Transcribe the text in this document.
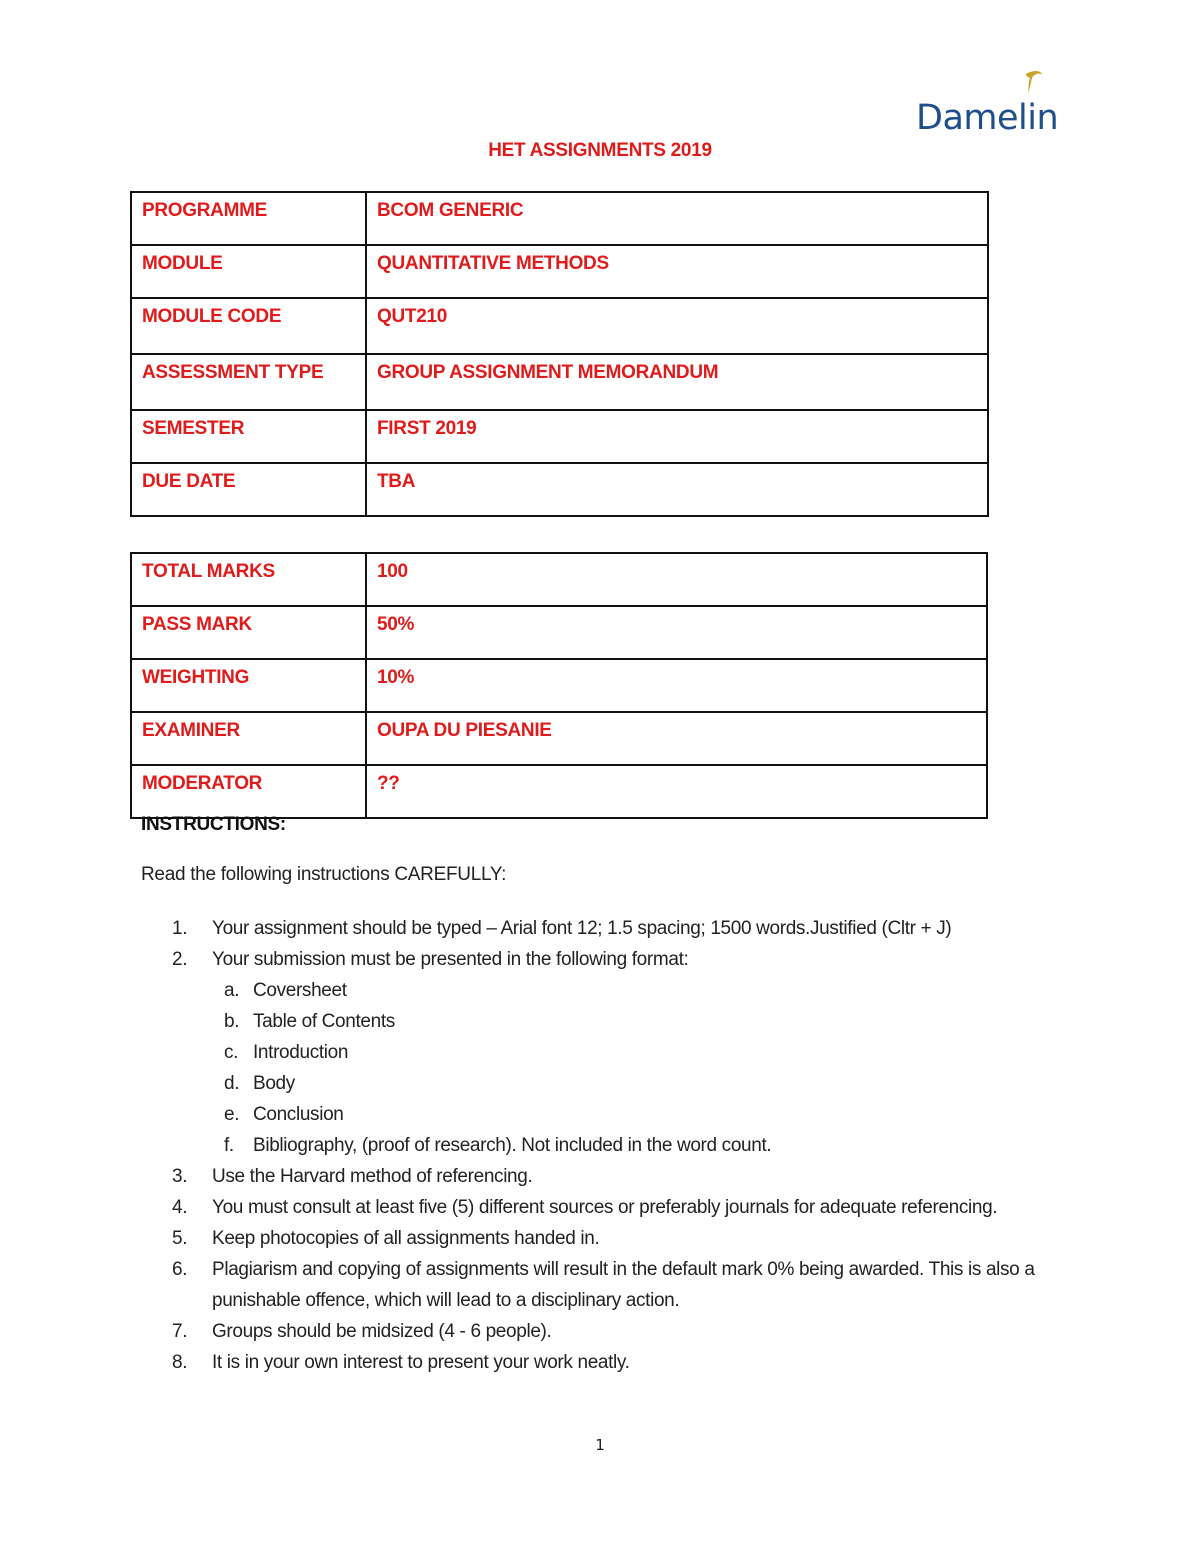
Damelin
HET ASSIGNMENTS 2019
PROGRAMME	BCOM GENERIC
MODULE	QUANTITATIVE METHODS
MODULE CODE	QUT210
ASSESSMENT TYPE	GROUP ASSIGNMENT MEMORANDUM
SEMESTER	FIRST 2019
DUE DATE	TBA
TOTAL MARKS	100
PASS MARK	50%
WEIGHTING	10%
EXAMINER	OUPA DU PIESANIE
MODERATOR	??
INSTRUCTIONS:
Read the following instructions CAREFULLY:
1. Your assignment should be typed – Arial font 12; 1.5 spacing; 1500 words.Justified (Cltr + J)
2. Your submission must be presented in the following format:
a. Coversheet
b. Table of Contents
c. Introduction
d. Body
e. Conclusion
f. Bibliography, (proof of research). Not included in the word count.
3. Use the Harvard method of referencing.
4. You must consult at least five (5) different sources or preferably journals for adequate referencing.
5. Keep photocopies of all assignments handed in.
6. Plagiarism and copying of assignments will result in the default mark 0% being awarded. This is also a punishable offence, which will lead to a disciplinary action.
7. Groups should be midsized (4 - 6 people).
8. It is in your own interest to present your work neatly.
1
